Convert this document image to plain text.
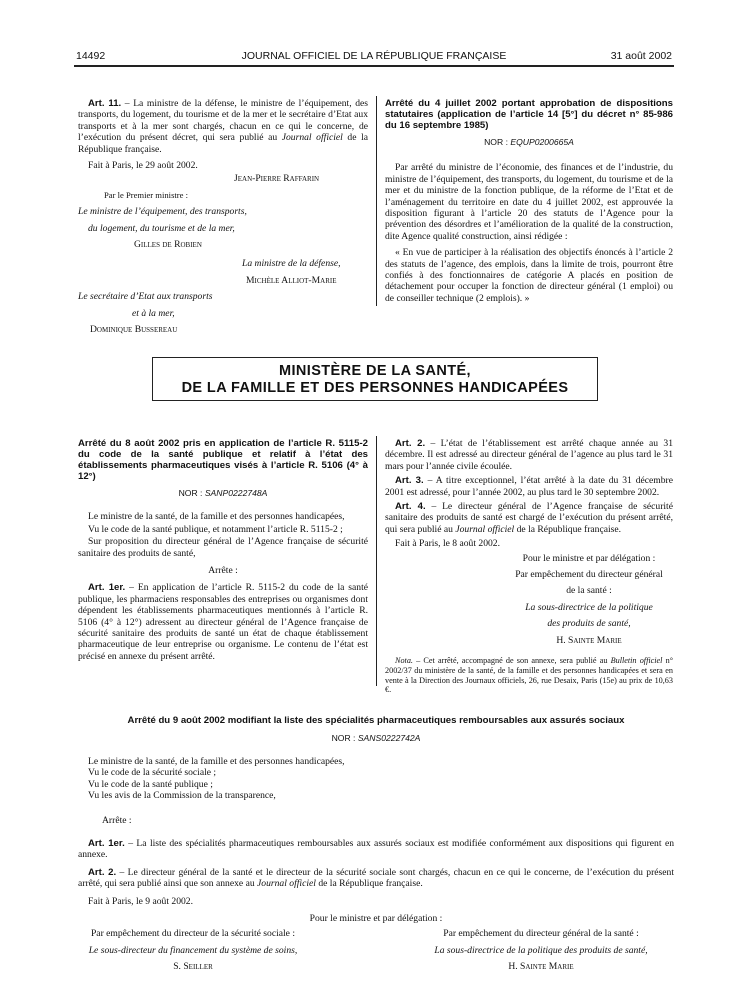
14492	JOURNAL OFFICIEL DE LA RÉPUBLIQUE FRANÇAISE	31 août 2002

Art. 11. – La ministre de la défense, le ministre de l’équipement, des transports, du logement, du tourisme et de la mer et le secrétaire d’Etat aux transports et à la mer sont chargés, chacun en ce qui le concerne, de l’exécution du présent décret, qui sera publié au Journal officiel de la République française.

Fait à Paris, le 29 août 2002.

Jean-Pierre Raffarin

Par le Premier ministre :

Le ministre de l’équipement, des transports,

du logement, du tourisme et de la mer,

Gilles de Robien

La ministre de la défense,

Michèle Alliot-Marie

Le secrétaire d’Etat aux transports

et à la mer,

Dominique Bussereau

Arrêté du 4 juillet 2002 portant approbation de dispositions statutaires (application de l’article 14 [5°] du décret n° 85-986 du 16 septembre 1985)

NOR : EQUP0200665A

Par arrêté du ministre de l’économie, des finances et de l’industrie, du ministre de l’équipement, des transports, du logement, du tourisme et de la mer et du ministre de la fonction publique, de la réforme de l’Etat et de l’aménagement du territoire en date du 4 juillet 2002, est approuvée la disposition figurant à l’article 20 des statuts de l’Agence pour la prévention des désordres et l’amélioration de la qualité de la construction, dite Agence qualité construction, ainsi rédigée :

« En vue de participer à la réalisation des objectifs énoncés à l’article 2 des statuts de l’agence, des emplois, dans la limite de trois, pourront être confiés à des fonctionnaires de catégorie A placés en position de détachement pour occuper la fonction de directeur général (1 emploi) ou de conseiller technique (2 emplois). »

MINISTÈRE DE LA SANTÉ,
DE LA FAMILLE ET DES PERSONNES HANDICAPÉES

Arrêté du 8 août 2002 pris en application de l’article R. 5115-2 du code de la santé publique et relatif à l’état des établissements pharmaceutiques visés à l’article R. 5106 (4° à 12°)

NOR : SANP0222748A

Le ministre de la santé, de la famille et des personnes handicapées,

Vu le code de la santé publique, et notamment l’article R. 5115-2 ;

Sur proposition du directeur général de l’Agence française de sécurité sanitaire des produits de santé,

Arrête :

Art. 1er. – En application de l’article R. 5115-2 du code de la santé publique, les pharmaciens responsables des entreprises ou organismes dont dépendent les établissements pharmaceutiques mentionnés à l’article R. 5106 (4° à 12°) adressent au directeur général de l’Agence française de sécurité sanitaire des produits de santé un état de chaque établissement pharmaceutique de leur entreprise ou organisme. Le contenu de l’état est précisé en annexe du présent arrêté.

Art. 2. – L’état de l’établissement est arrêté chaque année au 31 décembre. Il est adressé au directeur général de l’agence au plus tard le 31 mars pour l’année civile écoulée.

Art. 3. – A titre exceptionnel, l’état arrêté à la date du 31 décembre 2001 est adressé, pour l’année 2002, au plus tard le 30 septembre 2002.

Art. 4. – Le directeur général de l’Agence française de sécurité sanitaire des produits de santé est chargé de l’exécution du présent arrêté, qui sera publié au Journal officiel de la République française.

Fait à Paris, le 8 août 2002.

Pour le ministre et par délégation :

Par empêchement du directeur général

de la santé :

La sous-directrice de la politique

des produits de santé,

H. Sainte Marie

Nota. – Cet arrêté, accompagné de son annexe, sera publié au Bulletin officiel n° 2002/37 du ministère de la santé, de la famille et des personnes handicapées et sera en vente à la Direction des Journaux officiels, 26, rue Desaix, Paris (15e) au prix de 10,63 €.

Arrêté du 9 août 2002 modifiant la liste des spécialités pharmaceutiques remboursables aux assurés sociaux

NOR : SANS0222742A

Le ministre de la santé, de la famille et des personnes handicapées,

Vu le code de la sécurité sociale ;

Vu le code de la santé publique ;

Vu les avis de la Commission de la transparence,

Arrête :

Art. 1er. – La liste des spécialités pharmaceutiques remboursables aux assurés sociaux est modifiée conformément aux dispositions qui figurent en annexe.

Art. 2. – Le directeur général de la santé et le directeur de la sécurité sociale sont chargés, chacun en ce qui le concerne, de l’exécution du présent arrêté, qui sera publié ainsi que son annexe au Journal officiel de la République française.

Fait à Paris, le 9 août 2002.

Pour le ministre et par délégation :

Par empêchement du directeur de la sécurité sociale :

Le sous-directeur du financement du système de soins,

S. Seiller

Par empêchement du directeur général de la santé :

La sous-directrice de la politique des produits de santé,

H. Sainte Marie
